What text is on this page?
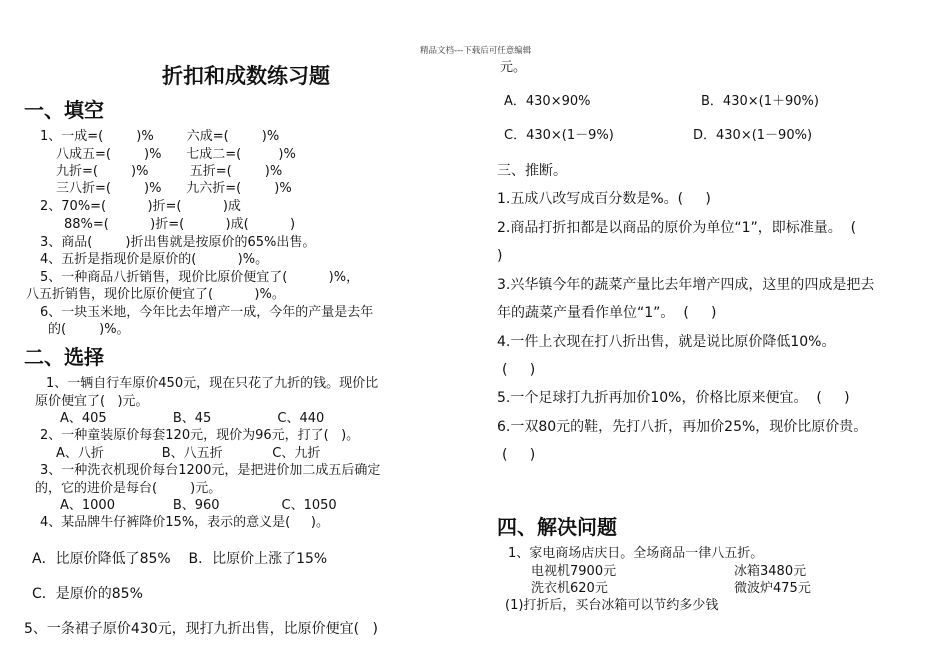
精品文档---下载后可任意编辑
折扣和成数练习题
一、填空
1、一成=(        )%        六成=(        )%
八成五=(        )%      七成二=(         )%
九折=(        )%          五折=(        )%
三八折=(        )%      九六折=(        )%
2、70%=(          )折=(          )成
88%=(          )折=(          )成(          )
3、商品(        )折出售就是按原价的65%出售。
4、五折是指现价是原价的(          )%。
5、一种商品八折销售，现价比原价便宜了(          )%，
八五折销售，现价比原价便宜了(          )%。
6、一块玉米地，今年比去年增产一成，今年的产量是去年
的(        )%。
二、选择
1、一辆自行车原价450元，现在只花了九折的钱。现价比
原价便宜了(   )元。
A、405                B、45                C、440
2、一种童装原价每套120元，现价为96元，打了(   )。
A、八折              B、八五折            C、九折
3、一种洗衣机现价每台1200元，是把进价加二成五后确定
的，它的进价是每台(        )元。
A、1000              B、960               C、1050
4、某品牌牛仔裤降价15%，表示的意义是(     )。
A．比原价降低了85%    B．比原价上涨了15%
C．是原价的85%
5、一条裙子原价430元，现打九折出售，比原价便宜(   )
元。
A．430×90%	B．430×(1＋90%)
C．430×(1－9%)	D．430×(1－90%)
三、推断。
1.五成八改写成百分数是%。(     )
2.商品打折扣都是以商品的原价为单位“1”，即标准量。  (
)
3.兴华镇今年的蔬菜产量比去年增产四成，这里的四成是把去
年的蔬菜产量看作单位“1”。  (     )
4.一件上衣现在打八折出售，就是说比原价降低10%。
(     )
5.一个足球打九折再加价10%，价格比原来便宜。  (     )
6.一双80元的鞋，先打八折，再加价25%，现价比原价贵。
(     )
四、解决问题
1、家电商场店庆日。全场商品一律八五折。
电视机7900元	冰箱3480元
洗衣机620元	微波炉475元
(1)打折后，买台冰箱可以节约多少钱
